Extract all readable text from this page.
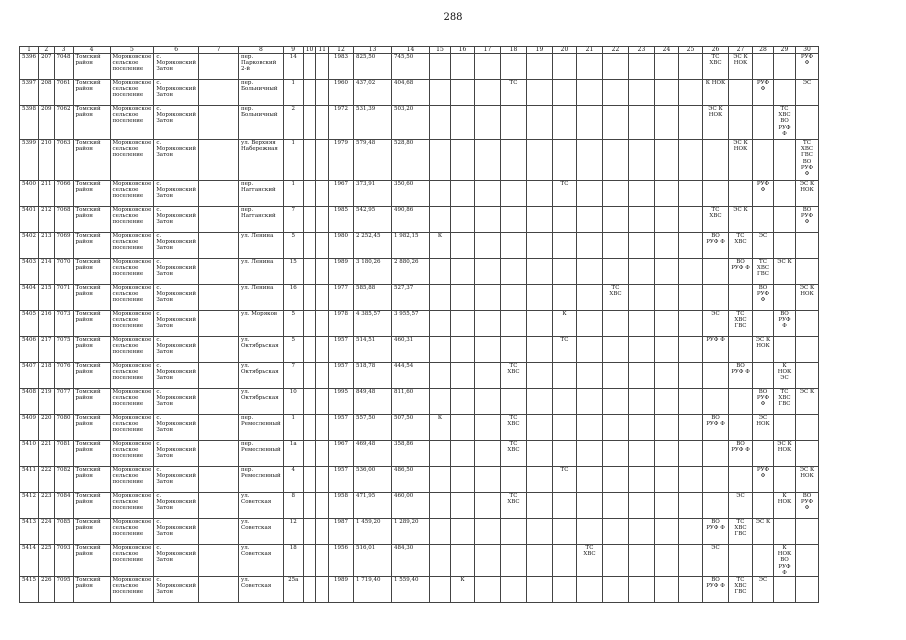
288
1	2	3	4	5	6	7	8	9	10	11	12	13	14	15	16	17	18	19	20	21	22	23	24	25	26	27	28	29	30
5396	207	7048	Томский район	Моряковское
сельское
поселение	с.
Моряковский
Затон		пер. Парковский
2-й	14			1983	825,50	745,50												ТС
ХВС	ЭС К
НОК			РУФ Ф
5397	208	7061	Томский район	Моряковское
сельское
поселение	с.
Моряковский
Затон		пер.
Больничный	1			1960	437,02	404,68				ТС								К НОК		РУФ Ф		ЭС
5398	209	7062	Томский район	Моряковское
сельское
поселение	с.
Моряковский
Затон		пер.
Больничный	2			1972	531,39	503,20												ЭС К
НОК			ТС
ХВС
ВО
РУФ Ф	
5399	210	7063	Томский район	Моряковское
сельское
поселение	с.
Моряковский
Затон		ул. Верхняя
Набережная	1			1979	579,48	528,80													ЭС К
НОК			ТС
ХВС
ГВС
ВО
РУФ Ф
5400	211	7066	Томский район	Моряковское
сельское
поселение	с.
Моряковский
Затон		пер. Нагганский	1			1967	373,91	350,60						ТС								РУФ Ф		ЭС К
НОК
5401	212	7068	Томский район	Моряковское
сельское
поселение	с.
Моряковский
Затон		пер. Нагганский	7			1985	542,95	490,86												ТС
ХВС	ЭС К			ВО
РУФ Ф
5402	213	7069	Томский район	Моряковское
сельское
поселение	с.
Моряковский
Затон		ул. Ленина	5			1980	2 252,45	1 982,15	К											ВО
РУФ Ф	ТС
ХВС	ЭС		
5403	214	7070	Томский район	Моряковское
сельское
поселение	с.
Моряковский
Затон		ул. Ленина	15			1989	3 180,26	2 880,26													ВО
РУФ Ф	ТС
ХВС
ГВС	ЭС К	
5404	215	7071	Томский район	Моряковское
сельское
поселение	с.
Моряковский
Затон		ул. Ленина	16			1977	585,88	527,37								ТС
ХВС						ВО
РУФ Ф		ЭС К
НОК
5405	216	7073	Томский район	Моряковское
сельское
поселение	с.
Моряковский
Затон		ул. Моряков	5			1978	4 385,57	3 955,57						К						ЭС	ТС
ХВС
ГВС		ВО
РУФ Ф	
5406	217	7075	Томский район	Моряковское
сельское
поселение	с.
Моряковский
Затон		ул. Октябрьская	5			1957	514,51	460,31						ТС						РУФ Ф		ЭС К
НОК		
5407	218	7076	Томский район	Моряковское
сельское
поселение	с.
Моряковский
Затон		ул. Октябрьская	7			1957	518,78	444,54				ТС
ХВС									ВО
РУФ Ф		К НОК
ЭС	
5408	219	7077	Томский район	Моряковское
сельское
поселение	с.
Моряковский
Затон		ул. Октябрьская	10			1995	849,48	811,60														ВО
РУФ Ф	ТС
ХВС
ГВС	ЭС К
5409	220	7080	Томский район	Моряковское
сельское
поселение	с.
Моряковский
Затон		пер.
Ремесленный	1			1957	557,50	507,50	К			ТС
ХВС								ВО
РУФ Ф		ЭС
НОК		
5410	221	7081	Томский район	Моряковское
сельское
поселение	с.
Моряковский
Затон		пер.
Ремесленный	1а			1967	469,48	358,86				ТС
ХВС									ВО
РУФ Ф		ЭС К
НОК	
5411	222	7082	Томский район	Моряковское
сельское
поселение	с.
Моряковский
Затон		пер.
Ремесленный	4			1957	536,00	486,50						ТС								РУФ Ф		ЭС К
НОК
5412	223	7084	Томский район	Моряковское
сельское
поселение	с.
Моряковский
Затон		ул. Советская	8			1958	471,95	460,00				ТС
ХВС									ЭС		К НОК	ВО
РУФ Ф
5413	224	7085	Томский район	Моряковское
сельское
поселение	с.
Моряковский
Затон		ул. Советская	12			1987	1 459,20	1 289,20												ВО
РУФ Ф	ТС
ХВС
ГВС	ЭС К		
5414	225	7093	Томский район	Моряковское
сельское
поселение	с.
Моряковский
Затон		ул. Советская	18			1956	516,01	484,30							ТС
ХВС					ЭС			К НОК
ВО
РУФ Ф	
5415	226	7095	Томский район	Моряковское
сельское
поселение	с.
Моряковский
Затон		ул. Советская	25а			1989	1 719,40	1 559,40		К										ВО
РУФ Ф	ТС
ХВС
ГВС	ЭС		
